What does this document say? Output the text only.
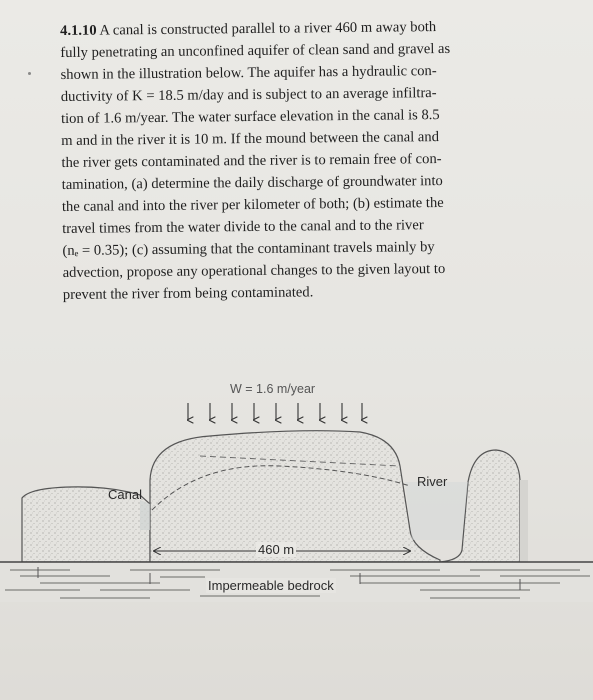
4.1.10 A canal is constructed parallel to a river 460 m away both
fully penetrating an unconfined aquifer of clean sand and gravel as
shown in the illustration below. The aquifer has a hydraulic con-
ductivity of K = 18.5 m/day and is subject to an average infiltra-
tion of 1.6 m/year. The water surface elevation in the canal is 8.5
m and in the river it is 10 m. If the mound between the canal and
the river gets contaminated and the river is to remain free of con-
tamination, (a) determine the daily discharge of groundwater into
the canal and into the river per kilometer of both; (b) estimate the
travel times from the water divide to the canal and to the river
(nₑ = 0.35); (c) assuming that the contaminant travels mainly by
advection, propose any operational changes to the given layout to
prevent the river from being contaminated.
W = 1.6 m/year
Canal
River
460 m
Impermeable bedrock
